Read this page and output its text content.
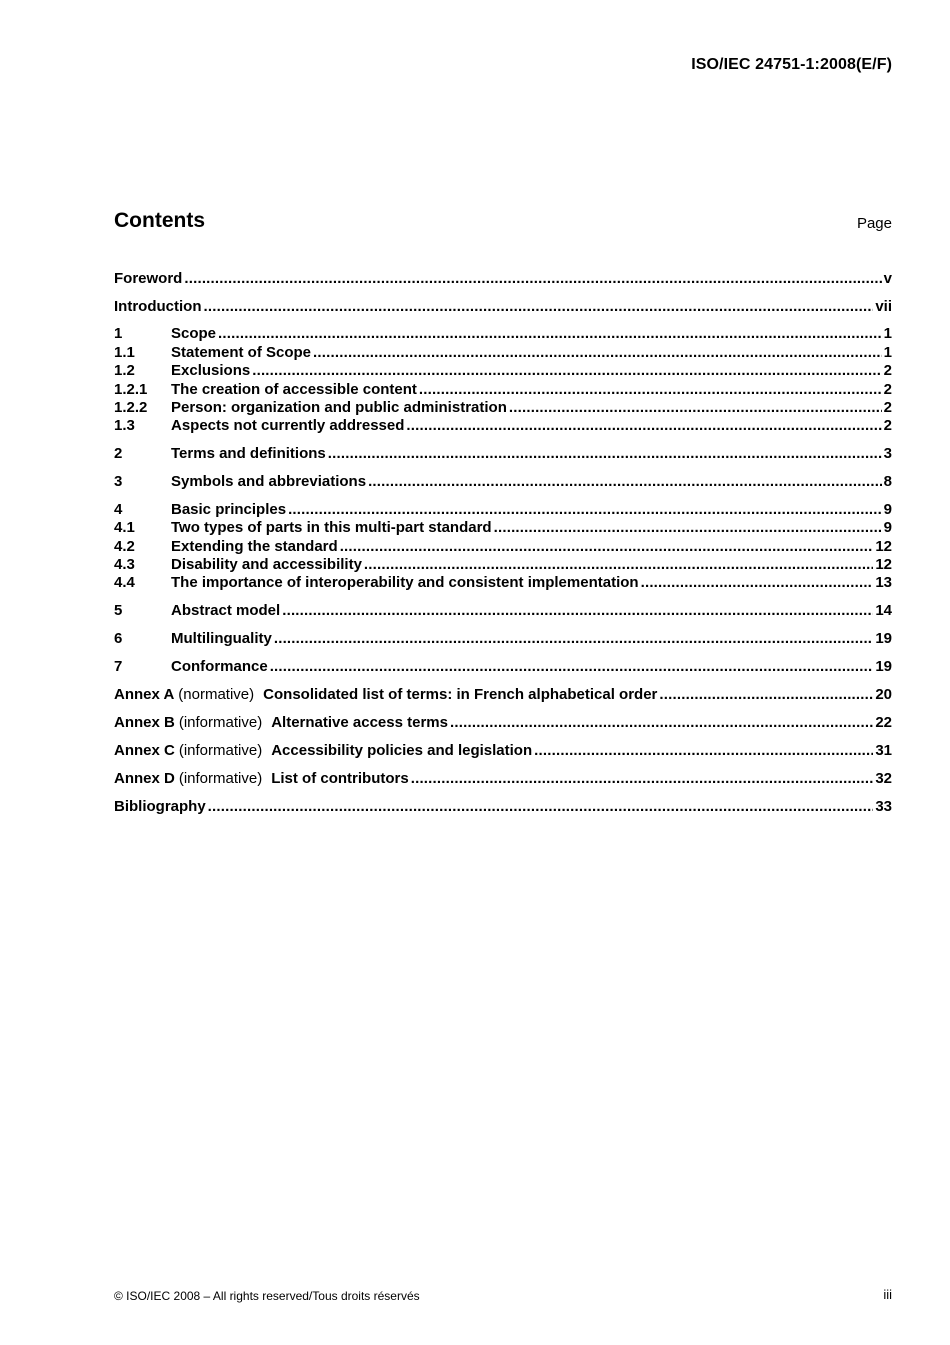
ISO/IEC 24751-1:2008(E/F)
Contents	Page
Foreword .....	v
Introduction .....	vii
1	Scope .....	1
1.1	Statement of Scope .....	1
1.2	Exclusions .....	2
1.2.1	The creation of accessible content .....	2
1.2.2	Person: organization and public administration .....	2
1.3	Aspects not currently addressed .....	2
2	Terms and definitions .....	3
3	Symbols and abbreviations .....	8
4	Basic principles .....	9
4.1	Two types of parts in this multi-part standard .....	9
4.2	Extending the standard .....	12
4.3	Disability and accessibility .....	12
4.4	The importance of interoperability and consistent implementation .....	13
5	Abstract model .....	14
6	Multilinguality .....	19
7	Conformance .....	19
Annex A (normative) Consolidated list of terms: in French alphabetical order .....	20
Annex B (informative) Alternative access terms .....	22
Annex C (informative) Accessibility policies and legislation .....	31
Annex D (informative) List of contributors .....	32
Bibliography .....	33
© ISO/IEC 2008 – All rights reserved/Tous droits réservés	iii
